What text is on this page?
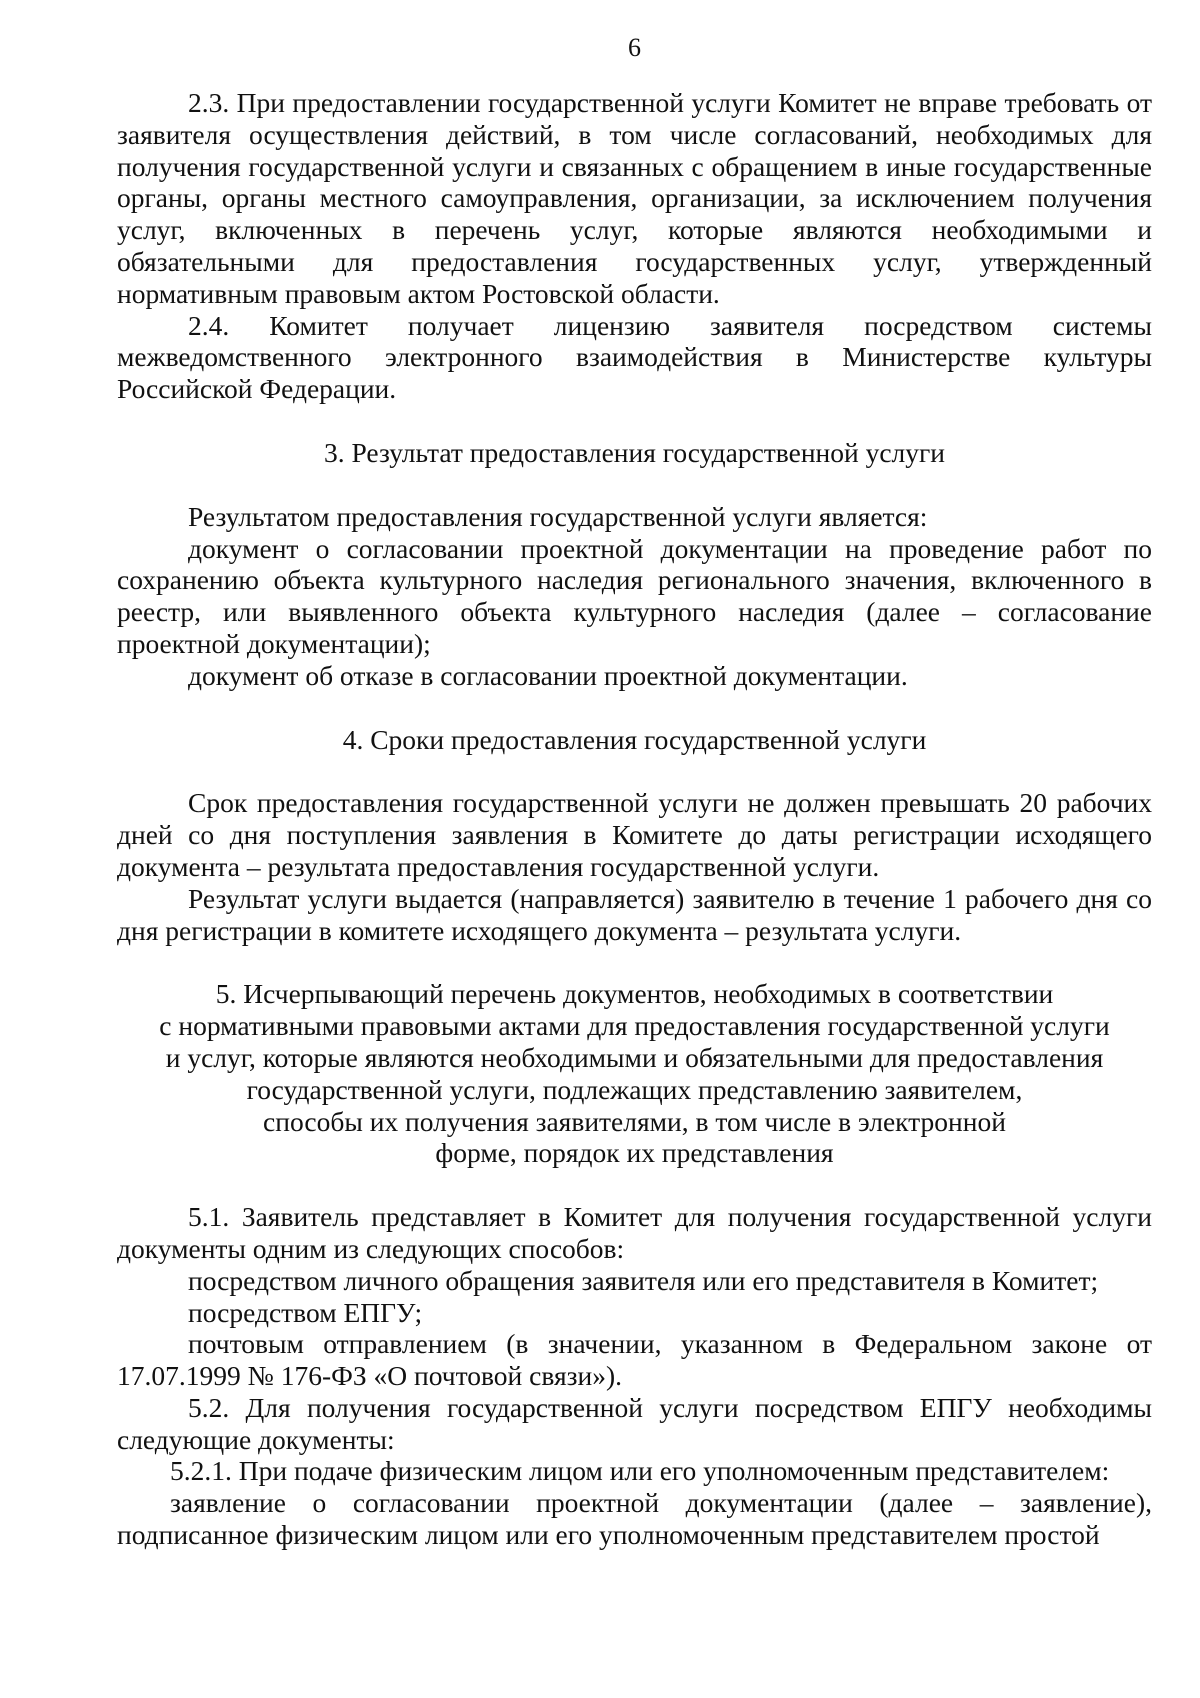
6

2.3. При предоставлении государственной услуги Комитет не вправе требовать от заявителя осуществления действий, в том числе согласований, необходимых для получения государственной услуги и связанных с обращением в иные государственные органы, органы местного самоуправления, организации, за исключением получения услуг, включенных в перечень услуг, которые являются необходимыми и обязательными для предоставления государственных услуг, утвержденный нормативным правовым актом Ростовской области.

2.4. Комитет получает лицензию заявителя посредством системы межведомственного электронного взаимодействия в Министерстве культуры Российской Федерации.

3. Результат предоставления государственной услуги

Результатом предоставления государственной услуги является:

документ о согласовании проектной документации на проведение работ по сохранению объекта культурного наследия регионального значения, включенного в реестр, или выявленного объекта культурного наследия (далее – согласование проектной документации);

документ об отказе в согласовании проектной документации.

4. Сроки предоставления государственной услуги

Срок предоставления государственной услуги не должен превышать 20 рабочих дней со дня поступления заявления в Комитете до даты регистрации исходящего документа – результата предоставления государственной услуги.

Результат услуги выдается (направляется) заявителю в течение 1 рабочего дня со дня регистрации в комитете исходящего документа – результата услуги.

5. Исчерпывающий перечень документов, необходимых в соответствии

с нормативными правовыми актами для предоставления государственной услуги

и услуг, которые являются необходимыми и обязательными для предоставления

государственной услуги, подлежащих представлению заявителем,

способы их получения заявителями, в том числе в электронной

форме, порядок их представления

5.1. Заявитель представляет в Комитет для получения государственной услуги документы одним из следующих способов:

посредством личного обращения заявителя или его представителя в Комитет;

посредством ЕПГУ;

почтовым отправлением (в значении, указанном в Федеральном законе от 17.07.1999 № 176-ФЗ «О почтовой связи»).

5.2. Для получения государственной услуги посредством ЕПГУ необходимы следующие документы:

5.2.1. При подаче физическим лицом или его уполномоченным представителем:

заявление о согласовании проектной документации (далее – заявление), подписанное физическим лицом или его уполномоченным представителем простой
